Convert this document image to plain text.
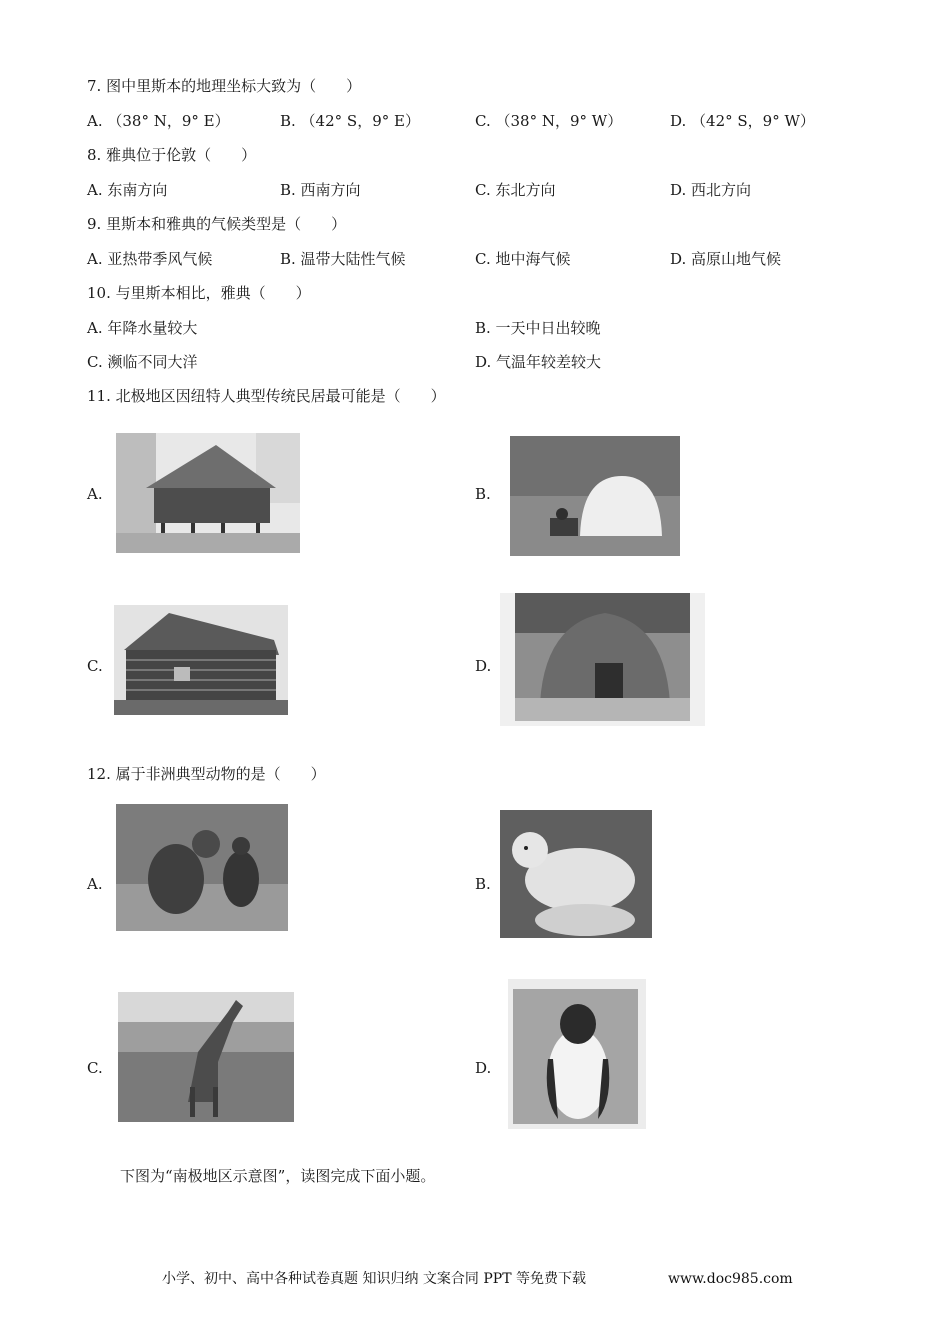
7. 图中里斯本的地理坐标大致为（　　）
A. （38° N，9° E）	B. （42° S，9° E）	C. （38° N，9° W）	D. （42° S，9° W）
8. 雅典位于伦敦（　　）
A. 东南方向	B. 西南方向	C. 东北方向	D. 西北方向
9. 里斯本和雅典的气候类型是（　　）
A. 亚热带季风气候	B. 温带大陆性气候	C. 地中海气候	D. 高原山地气候
10. 与里斯本相比，雅典（　　）
A. 年降水量较大	B. 一天中日出较晚
C. 濒临不同大洋	D. 气温年较差较大
11. 北极地区因纽特人典型传统民居最可能是（　　）
A.	B.
C.	D.
12. 属于非洲典型动物的是（　　）
A.	B.
C.	D.
下图为“南极地区示意图”，读图完成下面小题。
小学、初中、高中各种试卷真题 知识归纳 文案合同 PPT 等免费下载	www.doc985.com
